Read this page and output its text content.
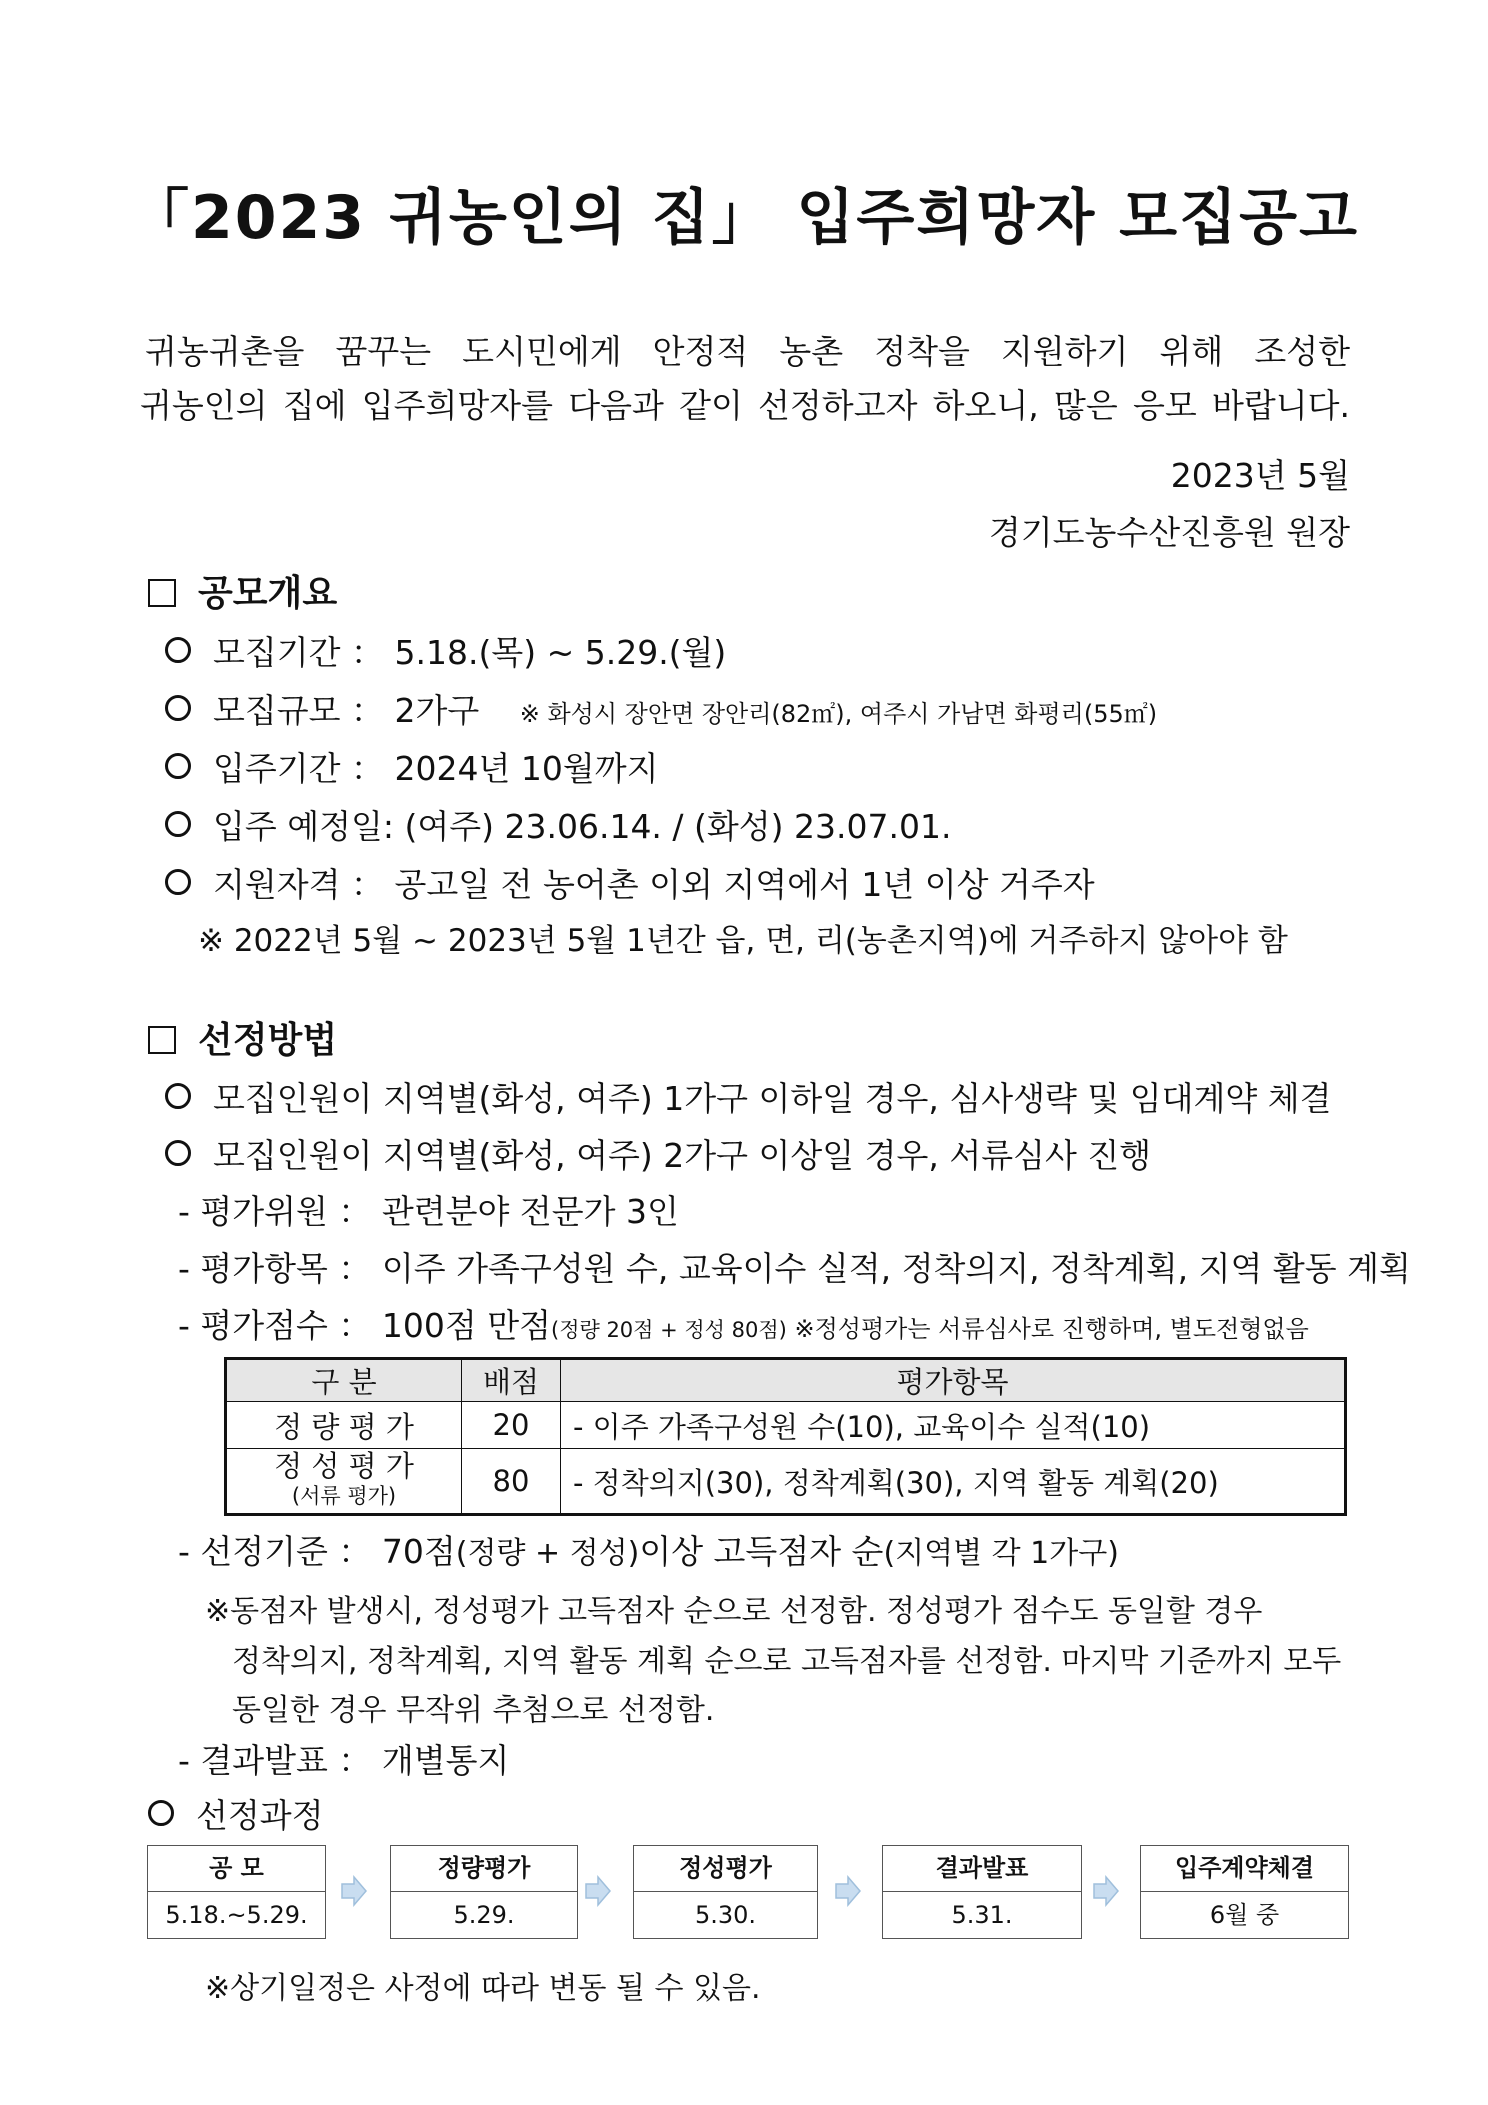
「2023 귀농인의 집」 입주희망자 모집공고
귀농귀촌을 꿈꾸는 도시민에게 안정적 농촌 정착을 지원하기 위해 조성한
귀농인의 집에 입주희망자를 다음과 같이 선정하고자 하오니, 많은 응모 바랍니다.
2023년 5월
경기도농수산진흥원 원장
공모개요
모집기간 ： 5.18.(목) ~ 5.29.(월)
모집규모 ： 2가구 ※ 화성시 장안면 장안리(82㎡), 여주시 가남면 화평리(55㎡)
입주기간 ： 2024년 10월까지
입주 예정일: (여주) 23.06.14. / (화성) 23.07.01.
지원자격 ： 공고일 전 농어촌 이외 지역에서 1년 이상 거주자
※ 2022년 5월 ~ 2023년 5월 1년간 읍, 면, 리(농촌지역)에 거주하지 않아야 함
선정방법
모집인원이 지역별(화성, 여주) 1가구 이하일 경우, 심사생략 및 임대계약 체결
모집인원이 지역별(화성, 여주) 2가구 이상일 경우, 서류심사 진행
- 평가위원 ： 관련분야 전문가 3인
- 평가항목 ： 이주 가족구성원 수, 교육이수 실적, 정착의지, 정착계획, 지역 활동 계획
- 평가점수 ： 100점 만점(정량 20점 + 정성 80점) ※정성평가는 서류심사로 진행하며, 별도전형없음
구 분	배점	평가항목
정 량 평 가	20	- 이주 가족구성원 수(10), 교육이수 실적(10)

정 성 평 가
(서류 평가)	80	- 정착의지(30), 정착계획(30), 지역 활동 계획(20)
- 선정기준 ： 70점(정량 + 정성)이상 고득점자 순(지역별 각 1가구)
※동점자 발생시, 정성평가 고득점자 순으로 선정함. 정성평가 점수도 동일할 경우
정착의지, 정착계획, 지역 활동 계획 순으로 고득점자를 선정함. 마지막 기준까지 모두
동일한 경우 무작위 추첨으로 선정함.
- 결과발표 ： 개별통지
선정과정
공 모
5.18.~5.29.
정량평가
5.29.
정성평가
5.30.
결과발표
5.31.
입주계약체결
6월 중
※상기일정은 사정에 따라 변동 될 수 있음.
